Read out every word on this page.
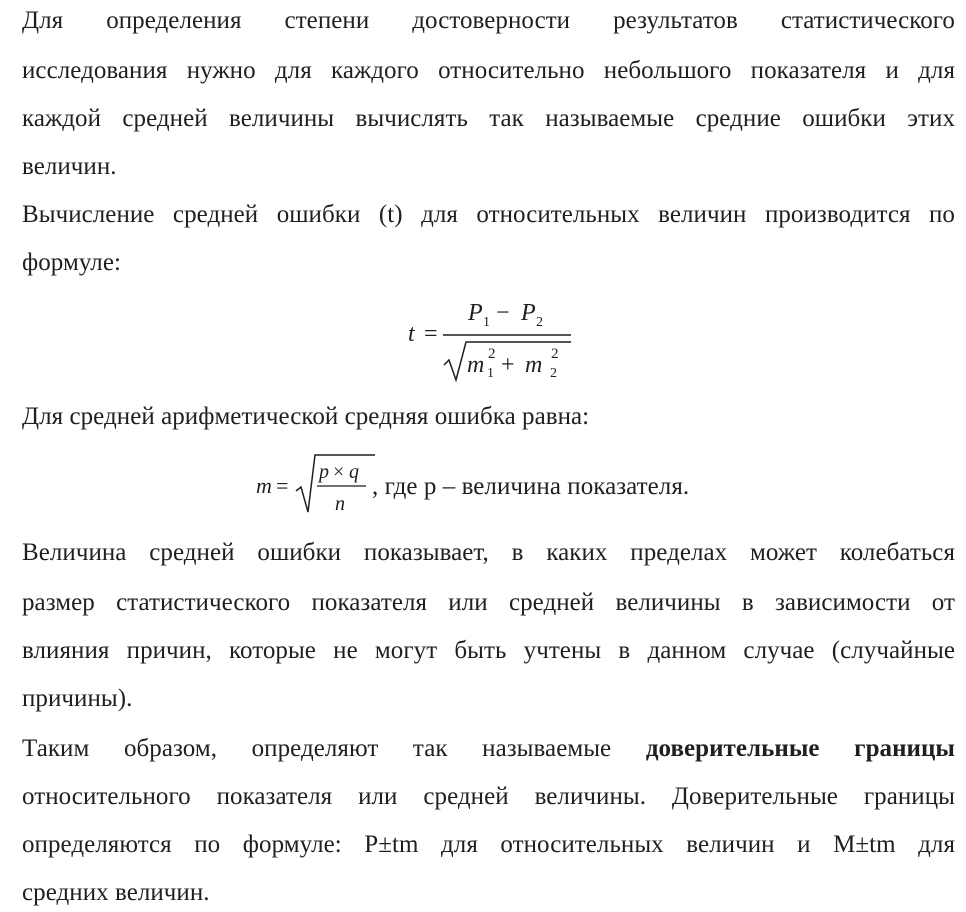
Для определения степени достоверности результатов статистического
исследования нужно для каждого относительно небольшого показателя и для
каждой средней величины вычислять так называемые средние ошибки этих
величин.
Вычисление средней ошибки (t) для относительных величин производится по
формуле:
t =
P 1 − P 2
m 2
1 + m 2
2
Для средней арифметической средняя ошибка равна:
m =
p × q
n
, где р – величина показателя.
Величина средней ошибки показывает, в каких пределах может колебаться
размер статистического показателя или средней величины в зависимости от
влияния причин, которые не могут быть учтены в данном случае (случайные
причины).
Таким образом, определяют так называемые доверительные границы
относительного показателя или средней величины. Доверительные границы
определяются по формуле: P±tm для относительных величин и M±tm для
средних величин.
